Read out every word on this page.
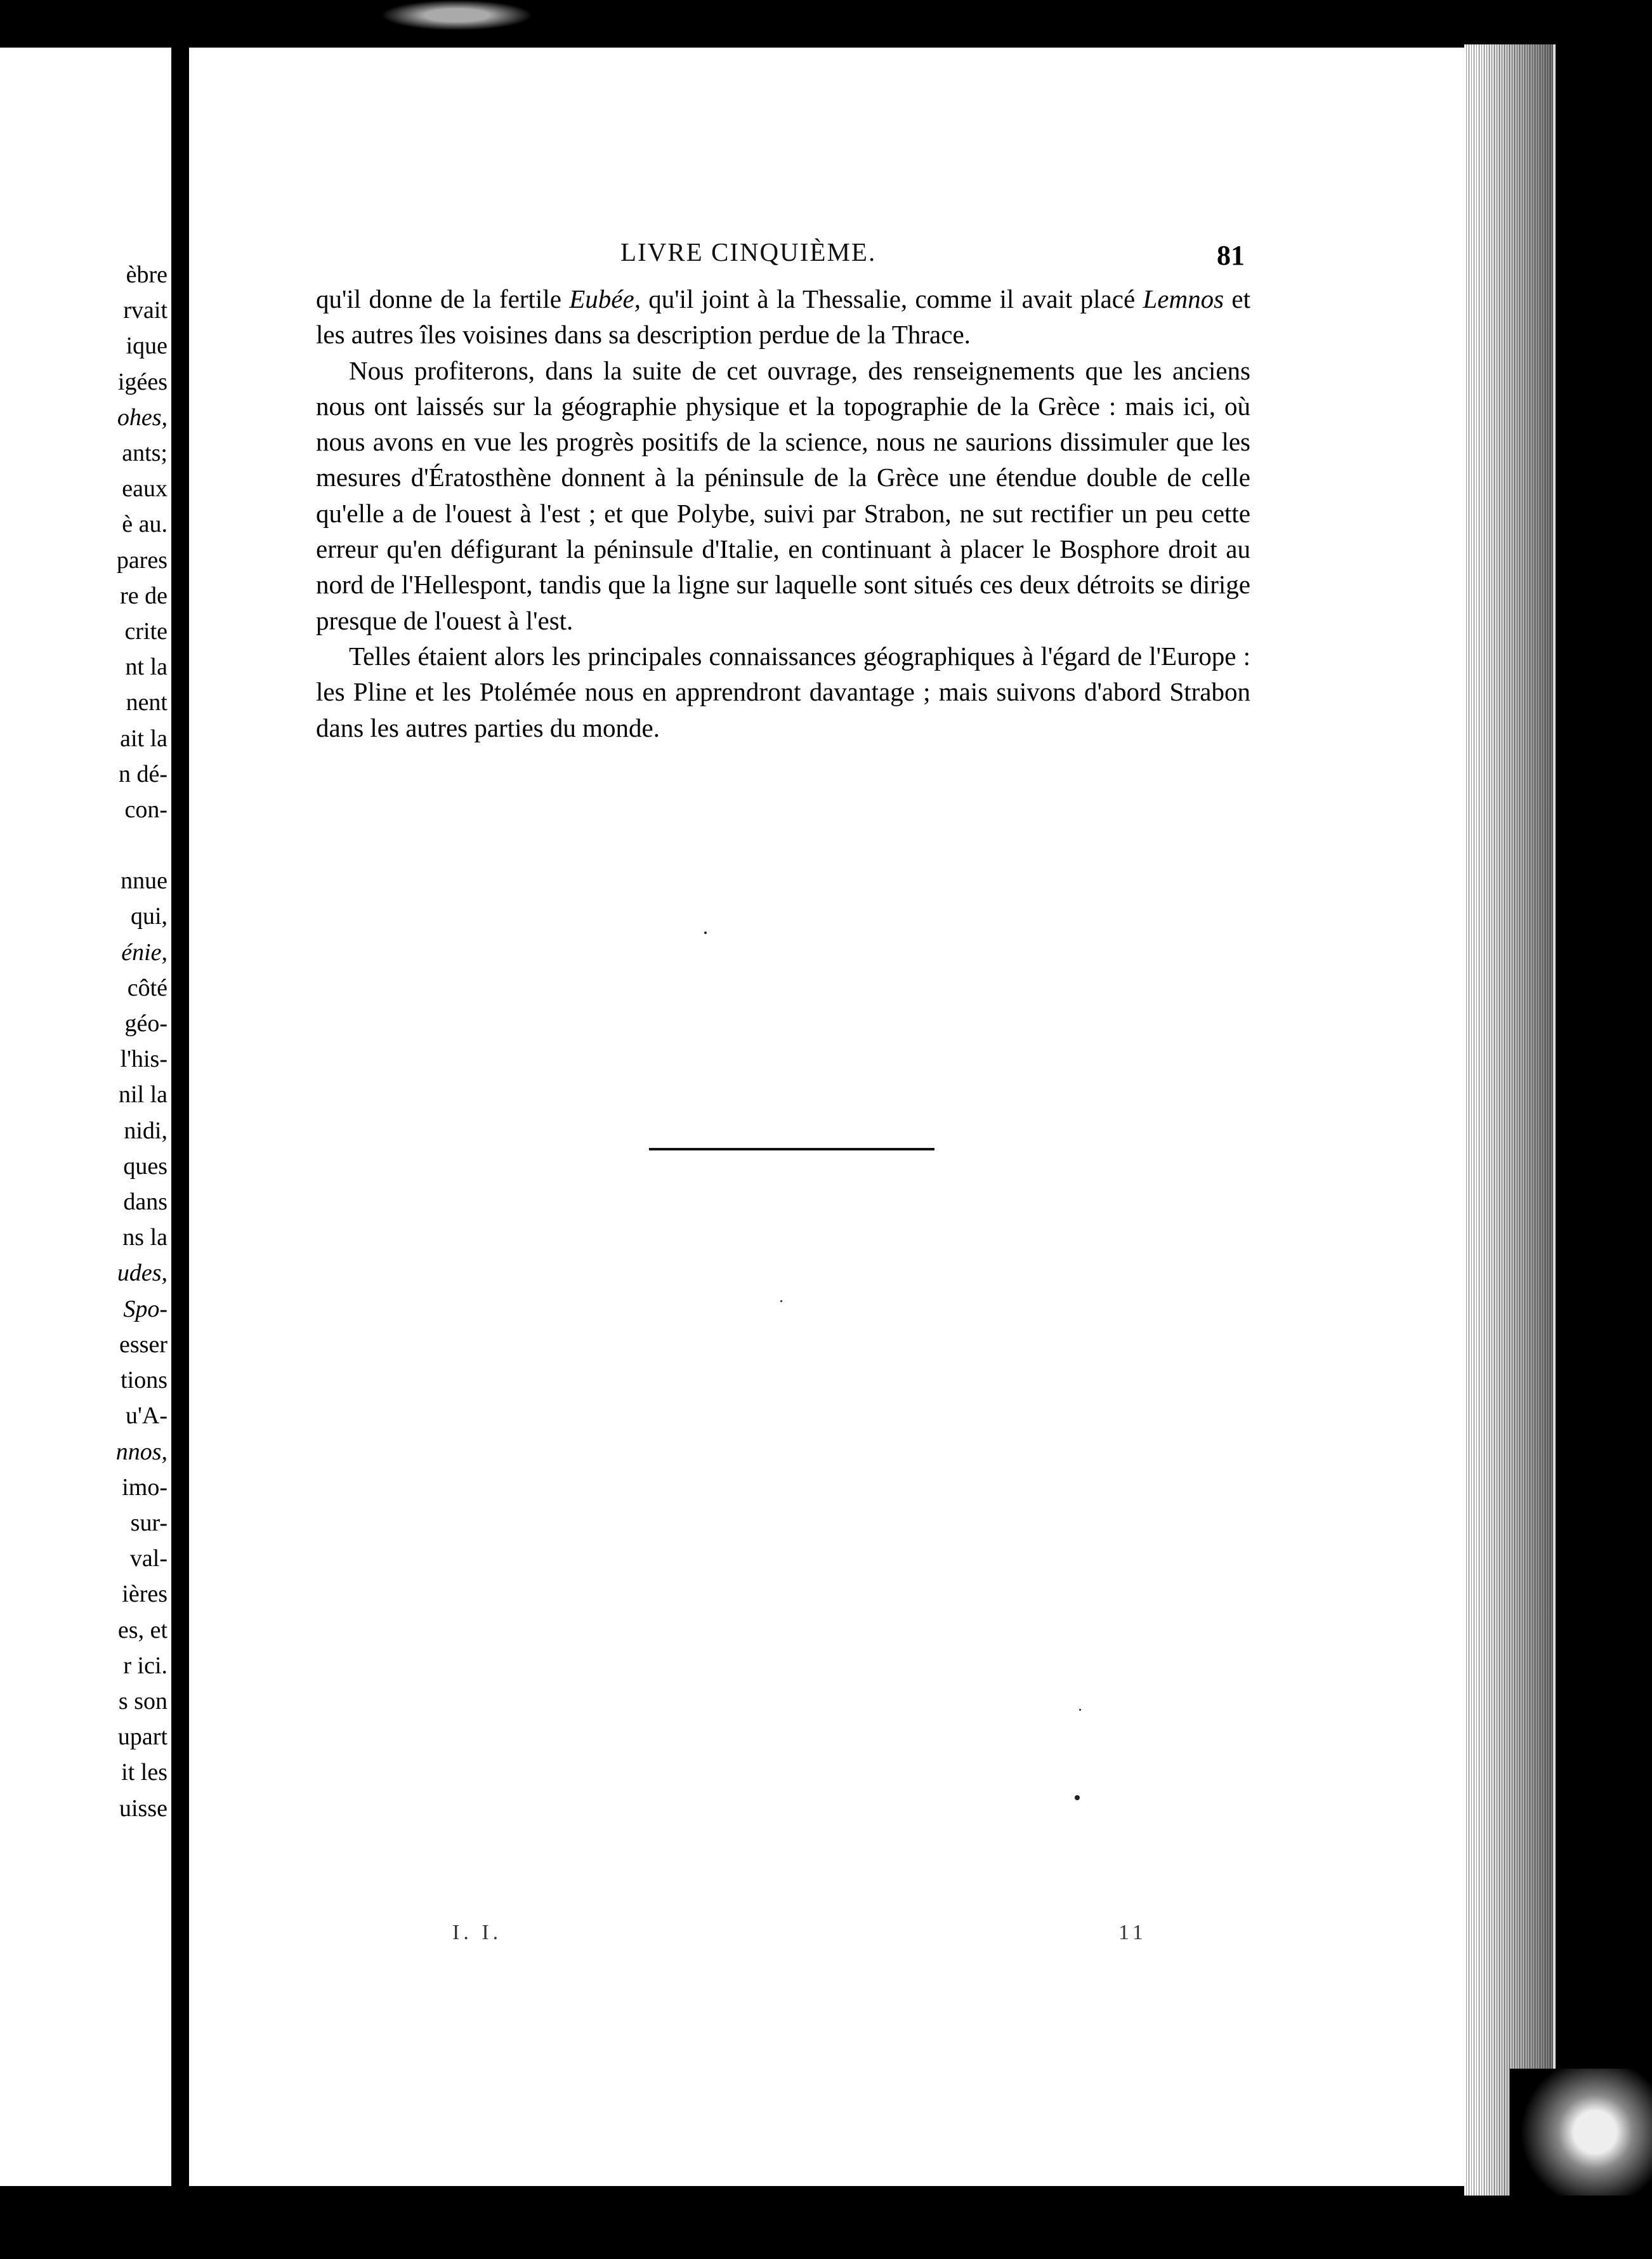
èbre
rvait
ique
igées
ohes,
ants;
eaux
è au.
pares
re de
crite
nt la
nent
ait la
n dé-
con-
nnue
qui,
énie,
côté
géo-
l'his-
nil la
nidi,
ques
dans
ns la
udes,
Spo-
esser
tions
u'A-
nnos,
imo-
sur-
val-
ières
es, et
r ici.
s son
upart
it les
uisse
LIVRE CINQUIÈME.	81

qu'il donne de la fertile Eubée, qu'il joint à la Thessalie, comme il avait placé Lemnos et les autres îles voisines dans sa description perdue de la Thrace.

Nous profiterons, dans la suite de cet ouvrage, des renseignements que les anciens nous ont laissés sur la géographie physique et la topographie de la Grèce : mais ici, où nous avons en vue les progrès positifs de la science, nous ne saurions dissimuler que les mesures d'Ératosthène donnent à la péninsule de la Grèce une étendue double de celle qu'elle a de l'ouest à l'est ; et que Polybe, suivi par Strabon, ne sut rectifier un peu cette erreur qu'en défigurant la péninsule d'Italie, en continuant à placer le Bosphore droit au nord de l'Hellespont, tandis que la ligne sur laquelle sont situés ces deux détroits se dirige presque de l'ouest à l'est.

Telles étaient alors les principales connaissances géographiques à l'égard de l'Europe : les Pline et les Ptolémée nous en apprendront davantage ; mais suivons d'abord Strabon dans les autres parties du monde.

I. I.	11
